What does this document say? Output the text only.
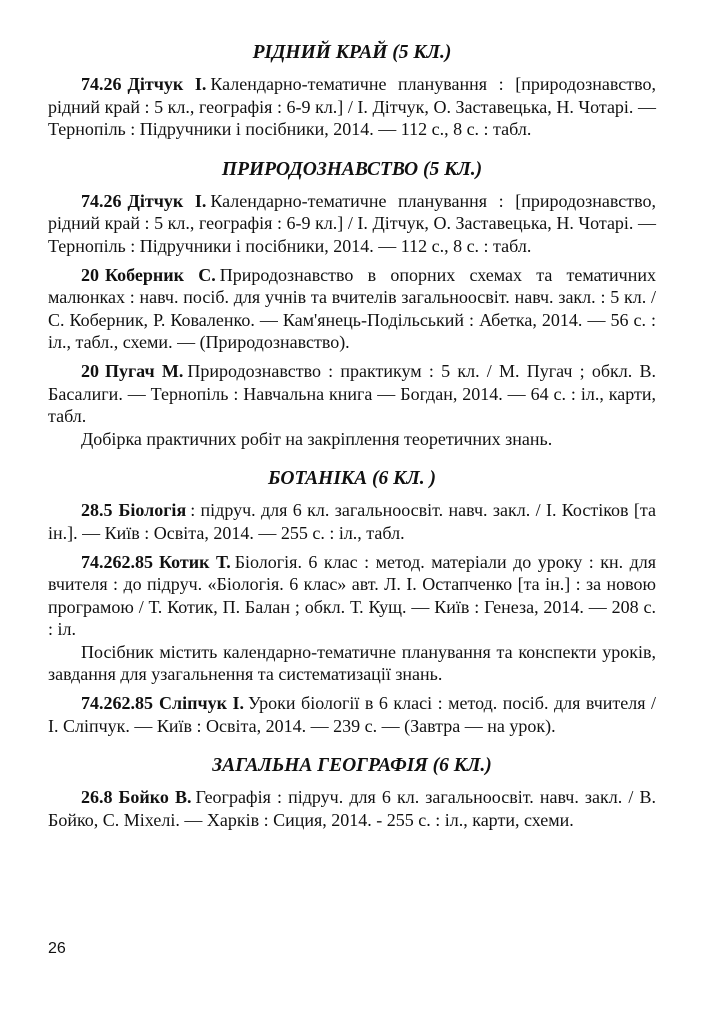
РІДНИЙ КРАЙ (5 КЛ.)

74.26 Дітчук І. Календарно-тематичне планування : [природознавство, рідний край : 5 кл., географія : 6-9 кл.] / І. Дітчук, О. Заставецька, Н. Чотарі. — Тернопіль : Підручники і посібники, 2014. — 112 с., 8 с. : табл.

ПРИРОДОЗНАВСТВО (5 КЛ.)

74.26 Дітчук І. Календарно-тематичне планування : [природознавство, рідний край : 5 кл., географія : 6-9 кл.] / І. Дітчук, О. Заставецька, Н. Чотарі. — Тернопіль : Підручники і посібники, 2014. — 112 с., 8 с. : табл.

20 Коберник С. Природознавство в опорних схемах та тематичних малюнках : навч. посіб. для учнів та вчителів загальноосвіт. навч. закл. : 5 кл. / С. Коберник, Р. Коваленко. — Кам'янець-Подільський : Абетка, 2014. — 56 с. : іл., табл., схеми. — (Природознавство).

20 Пугач М. Природознавство : практикум : 5 кл. / М. Пугач ; обкл. В. Басалиги. — Тернопіль : Навчальна книга — Богдан, 2014. — 64 с. : іл., карти, табл.

Добірка практичних робіт на закріплення теоретичних знань.

БОТАНІКА (6 КЛ. )

28.5 Біологія : підруч. для 6 кл. загальноосвіт. навч. закл. / І. Костіков [та ін.]. — Київ : Освіта, 2014. — 255 с. : іл., табл.

74.262.85 Котик Т. Біологія. 6 клас : метод. матеріали до уроку : кн. для вчителя : до підруч. «Біологія. 6 клас» авт. Л. І. Остапченко [та ін.] : за новою програмою / Т. Котик, П. Балан ; обкл. Т. Кущ. — Київ : Генеза, 2014. — 208 с. : іл.

Посібник містить календарно-тематичне планування та конспекти уроків, завдання для узагальнення та систематизації знань.

74.262.85 Сліпчук І. Уроки біології в 6 класі : метод. посіб. для вчителя / І. Сліпчук. — Київ : Освіта, 2014. — 239 с. — (Завтра — на урок).

ЗАГАЛЬНА ГЕОГРАФІЯ (6 КЛ.)

26.8 Бойко В. Географія : підруч. для 6 кл. загальноосвіт. навч. закл. / В. Бойко, С. Міхелі. — Харків : Сиция, 2014. - 255 с. : іл., карти, схеми.

26
